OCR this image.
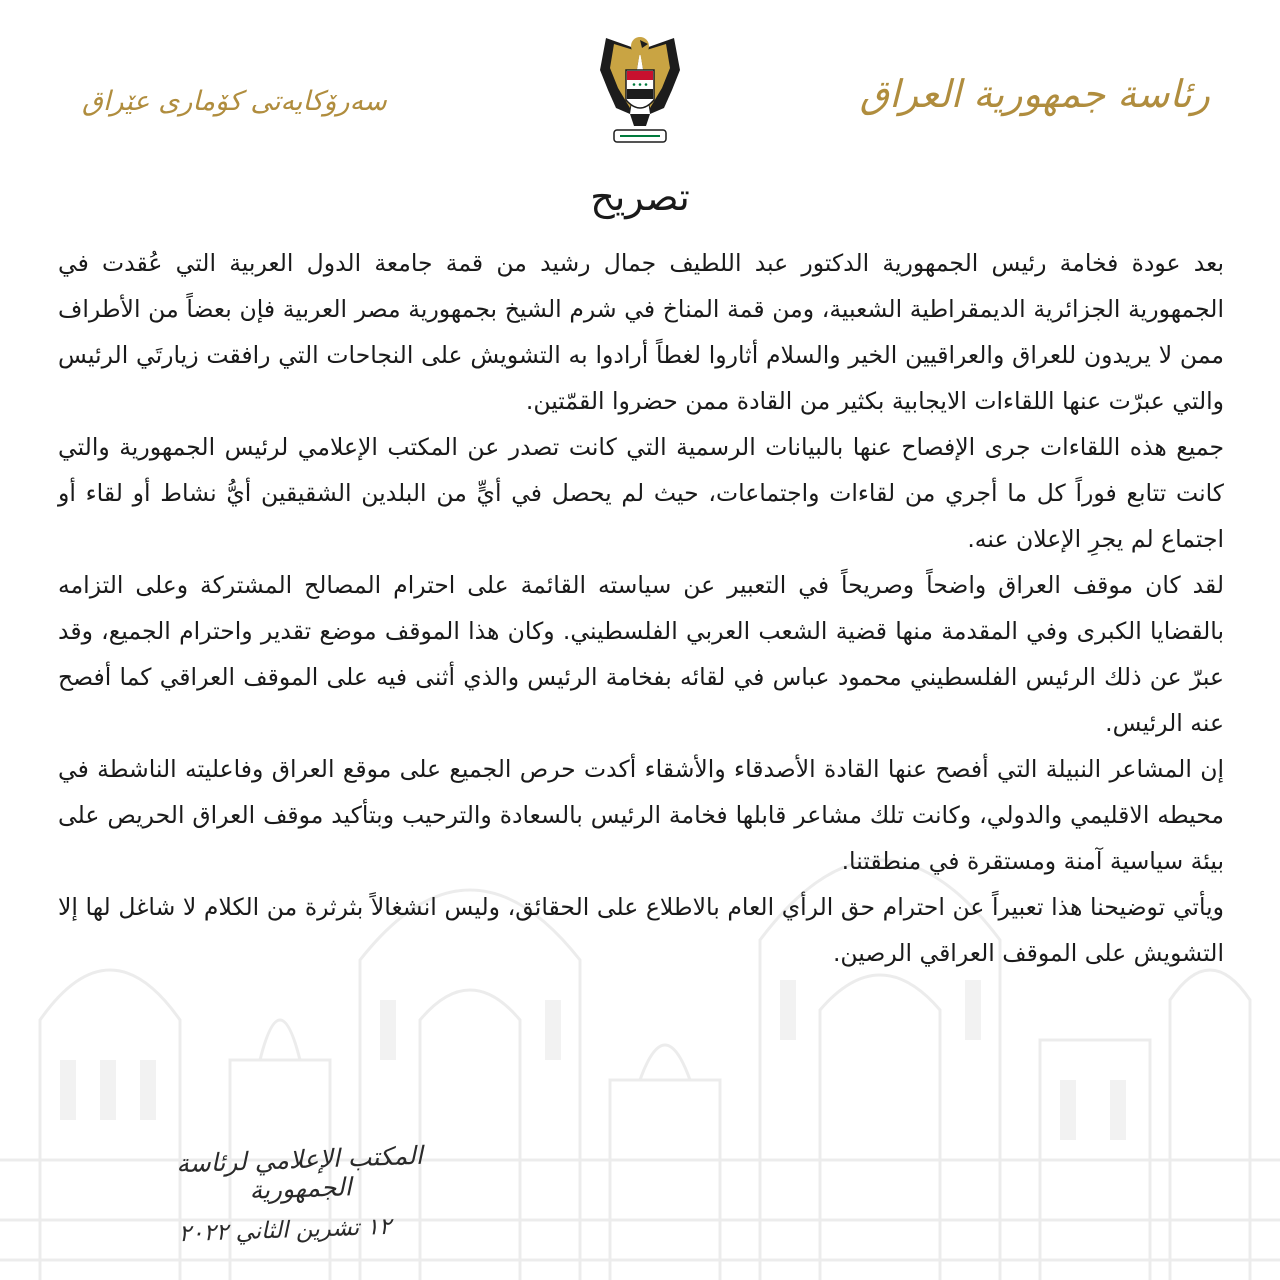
رئاسة جمهورية العراق
سەرۆکایەتی کۆماری عێراق
تصريح

بعد عودة فخامة رئيس الجمهورية الدكتور عبد اللطيف جمال رشيد من قمة جامعة الدول العربية التي عُقدت في الجمهورية الجزائرية الديمقراطية الشعبية، ومن قمة المناخ في شرم الشيخ بجمهورية مصر العربية فإن بعضاً من الأطراف ممن لا يريدون للعراق والعراقيين الخير والسلام أثاروا لغطاً أرادوا به التشويش على النجاحات التي رافقت زيارتَي الرئيس والتي عبرّت عنها اللقاءات الايجابية بكثير من القادة ممن حضروا القمّتين.

جميع هذه اللقاءات جرى الإفصاح عنها بالبيانات الرسمية التي كانت تصدر عن المكتب الإعلامي لرئيس الجمهورية والتي كانت تتابع فوراً كل ما أجري من لقاءات واجتماعات، حيث لم يحصل في أيٍّ من البلدين الشقيقين أيُّ نشاط أو لقاء أو اجتماع لم يجرِ الإعلان عنه.

لقد كان موقف العراق واضحاً وصريحاً في التعبير عن سياسته القائمة على احترام المصالح المشتركة وعلى التزامه بالقضايا الكبرى وفي المقدمة منها قضية الشعب العربي الفلسطيني. وكان هذا الموقف موضع تقدير واحترام الجميع، وقد عبرّ عن ذلك الرئيس الفلسطيني محمود عباس في لقائه بفخامة الرئيس والذي أثنى فيه على الموقف العراقي كما أفصح عنه الرئيس.

إن المشاعر النبيلة التي أفصح عنها القادة الأصدقاء والأشقاء أكدت حرص الجميع على موقع العراق وفاعليته الناشطة في محيطه الاقليمي والدولي، وكانت تلك مشاعر قابلها فخامة الرئيس بالسعادة والترحيب وبتأكيد موقف العراق الحريص على بيئة سياسية آمنة ومستقرة في منطقتنا.

ويأتي توضيحنا هذا تعبيراً عن احترام حق الرأي العام بالاطلاع على الحقائق، وليس انشغالاً بثرثرة من الكلام لا شاغل لها إلا التشويش على الموقف العراقي الرصين.

المكتب الإعلامي لرئاسة الجمهورية
١٢ تشرين الثاني ٢٠٢٢
